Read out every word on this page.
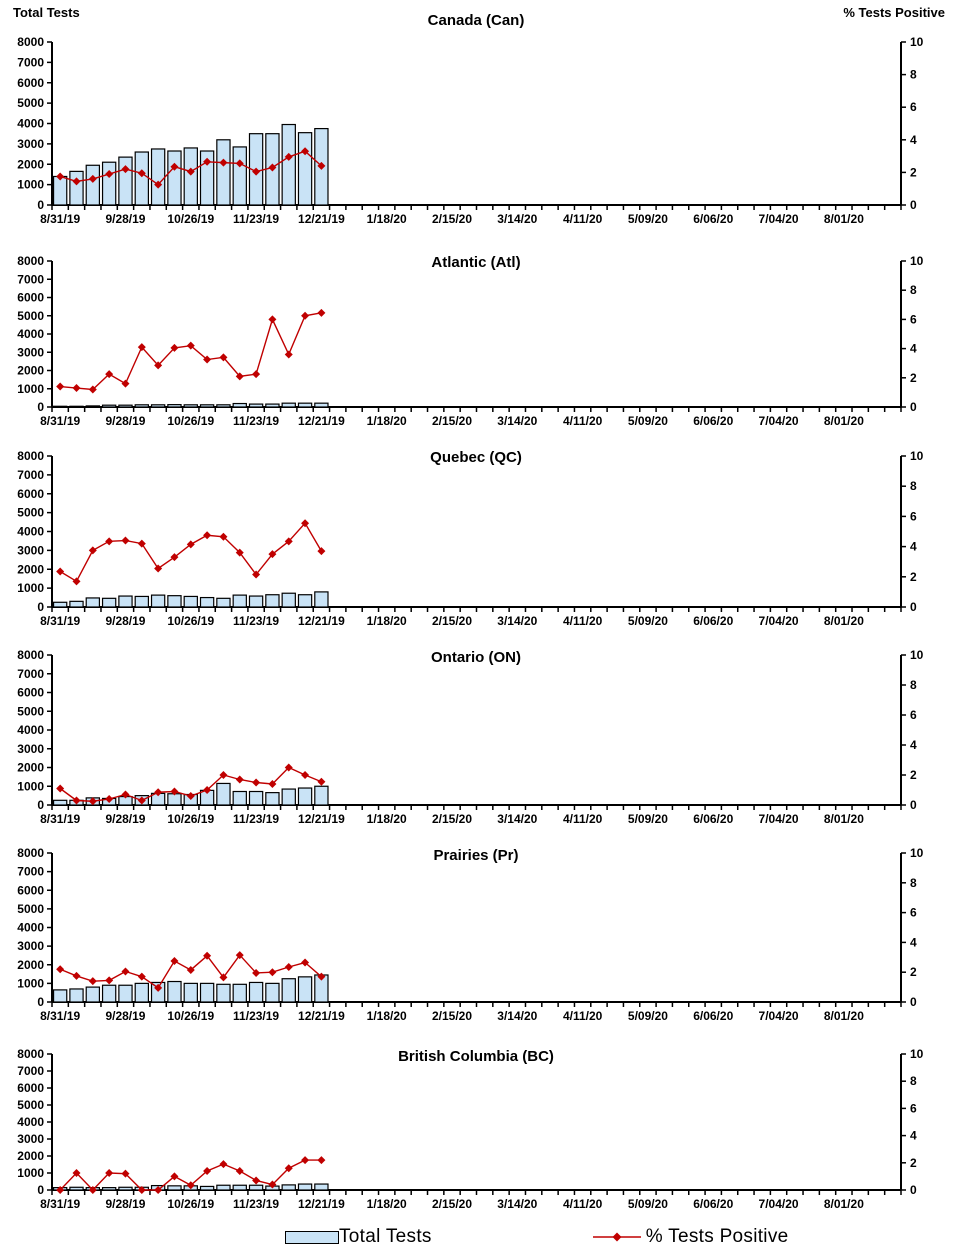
Total Tests	% Tests Positive
Canada (Can)
0
1000
2000
3000
4000
5000
6000
7000
8000
0
2
4
6
8
10
8/31/19 9/28/19 10/26/19 11/23/19 12/21/19 1/18/20 2/15/20 3/14/20 4/11/20 5/09/20 6/06/20 7/04/20 8/01/20
Atlantic (Atl)
0
1000
2000
3000
4000
5000
6000
7000
8000
0
2
4
6
8
10
8/31/19 9/28/19 10/26/19 11/23/19 12/21/19 1/18/20 2/15/20 3/14/20 4/11/20 5/09/20 6/06/20 7/04/20 8/01/20
Quebec (QC)
0
1000
2000
3000
4000
5000
6000
7000
8000
0
2
4
6
8
10
8/31/19 9/28/19 10/26/19 11/23/19 12/21/19 1/18/20 2/15/20 3/14/20 4/11/20 5/09/20 6/06/20 7/04/20 8/01/20
Ontario (ON)
0
1000
2000
3000
4000
5000
6000
7000
8000
0
2
4
6
8
10
8/31/19 9/28/19 10/26/19 11/23/19 12/21/19 1/18/20 2/15/20 3/14/20 4/11/20 5/09/20 6/06/20 7/04/20 8/01/20
Prairies (Pr)
0
1000
2000
3000
4000
5000
6000
7000
8000
0
2
4
6
8
10
8/31/19 9/28/19 10/26/19 11/23/19 12/21/19 1/18/20 2/15/20 3/14/20 4/11/20 5/09/20 6/06/20 7/04/20 8/01/20
British Columbia (BC)
0
1000
2000
3000
4000
5000
6000
7000
8000
0
2
4
6
8
10
8/31/19 9/28/19 10/26/19 11/23/19 12/21/19 1/18/20 2/15/20 3/14/20 4/11/20 5/09/20 6/06/20 7/04/20 8/01/20
Total Tests	% Tests Positive
